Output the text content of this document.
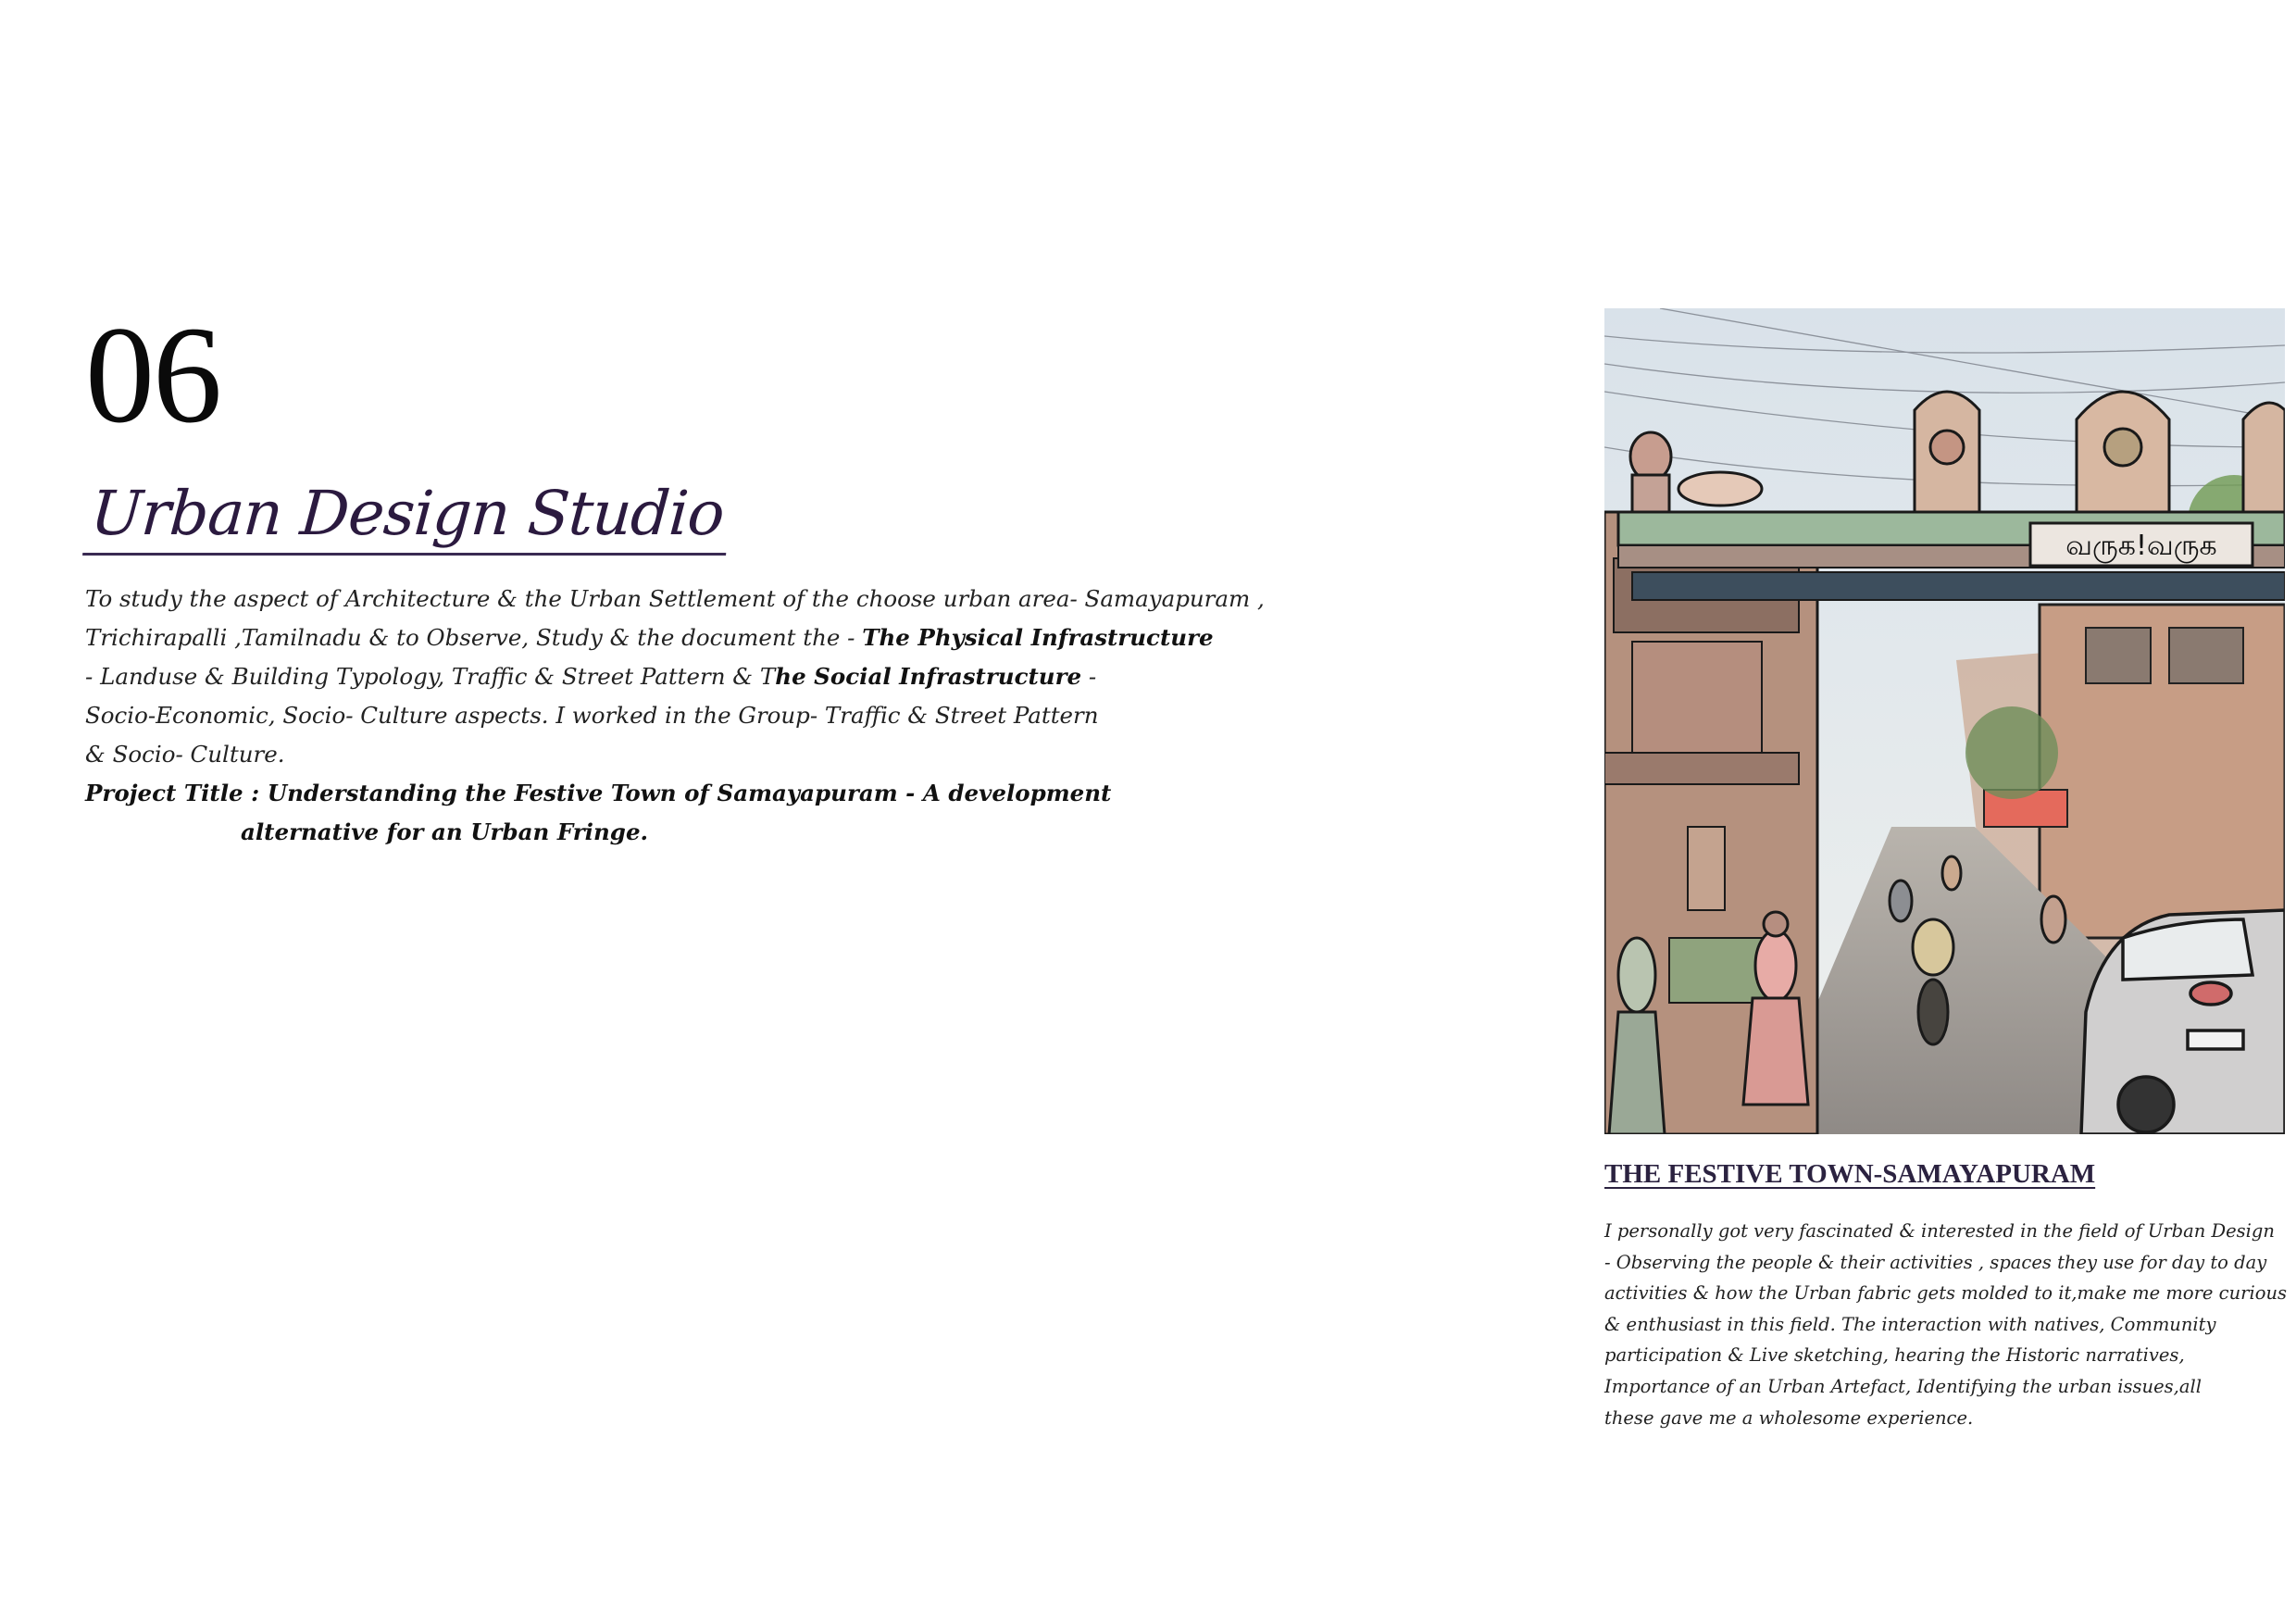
06
Urban Design Studio
To study the aspect of Architecture & the Urban Settlement of the choose urban area- Samayapuram ,
Trichirapalli ,Tamilnadu & to Observe, Study & the document the - The Physical Infrastructure
- Landuse & Building Typology, Traffic & Street Pattern & The Social Infrastructure -
Socio-Economic, Socio- Culture aspects. I worked in the Group- Traffic & Street Pattern
& Socio- Culture.
Project Title : Understanding the Festive Town of Samayapuram - A development
alternative for an Urban Fringe.
வருக!வருக
THE FESTIVE TOWN-SAMAYAPURAM
I personally got very fascinated & interested in the field of Urban Design
- Observing the people & their activities , spaces they use for day to day
activities & how the Urban fabric gets molded to it,make me more curious
& enthusiast in this field. The interaction with natives, Community
participation & Live sketching, hearing the Historic narratives,
Importance of an Urban Artefact, Identifying the urban issues,all
these gave me a wholesome experience.
